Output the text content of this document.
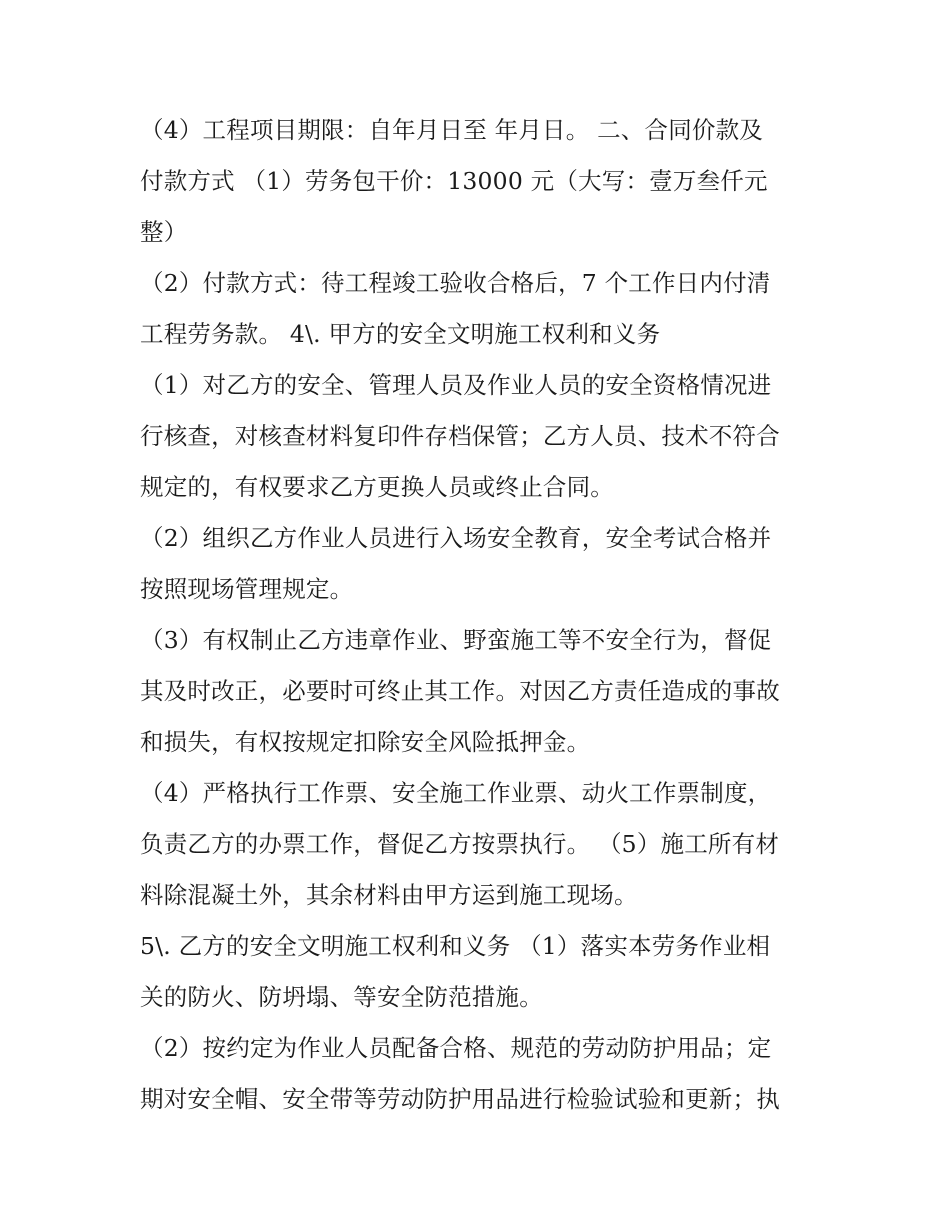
（4）工程项目期限：自年月日至 年月日。 二、合同价款及
付款方式 （1）劳务包干价：13000 元（大写：壹万叁仟元
整）
（2）付款方式：待工程竣工验收合格后，7 个工作日内付清
工程劳务款。 4\. 甲方的安全文明施工权利和义务
（1）对乙方的安全、管理人员及作业人员的安全资格情况进
行核查，对核查材料复印件存档保管；乙方人员、技术不符合
规定的，有权要求乙方更换人员或终止合同。
（2）组织乙方作业人员进行入场安全教育，安全考试合格并
按照现场管理规定。
（3）有权制止乙方违章作业、野蛮施工等不安全行为，督促
其及时改正，必要时可终止其工作。对因乙方责任造成的事故
和损失，有权按规定扣除安全风险抵押金。
（4）严格执行工作票、安全施工作业票、动火工作票制度，
负责乙方的办票工作，督促乙方按票执行。 （5）施工所有材
料除混凝土外，其余材料由甲方运到施工现场。
5\. 乙方的安全文明施工权利和义务 （1）落实本劳务作业相
关的防火、防坍塌、等安全防范措施。
（2）按约定为作业人员配备合格、规范的劳动防护用品；定
期对安全帽、安全带等劳动防护用品进行检验试验和更新；执
